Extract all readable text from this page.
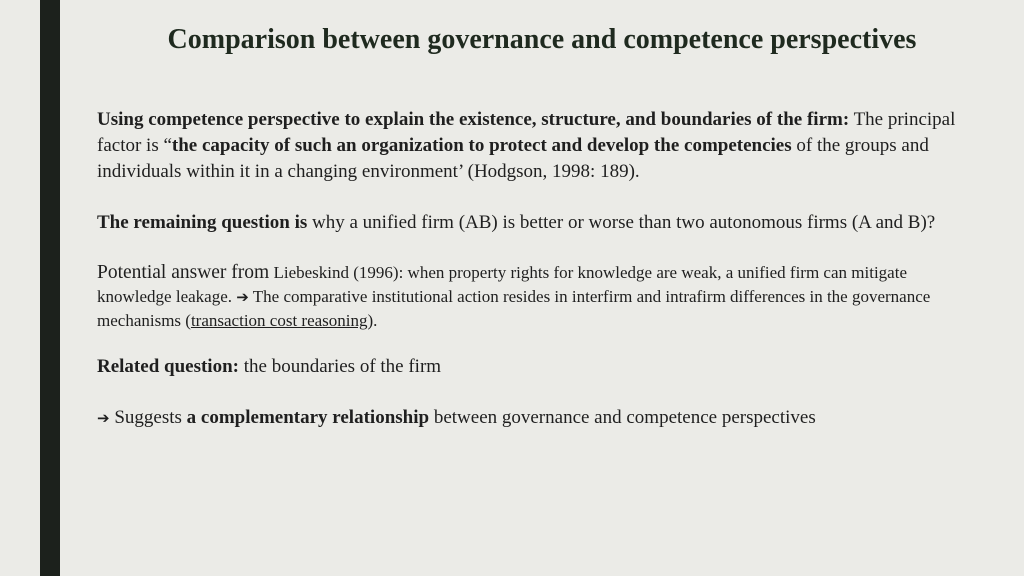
Comparison between governance and competence perspectives

Using competence perspective to explain the existence, structure, and boundaries of the firm: The principal factor is “the capacity of such an organization to protect and develop the competencies of the groups and individuals within it in a changing environment’ (Hodgson, 1998: 189).

The remaining question is why a unified firm (AB) is better or worse than two autonomous firms (A and B)?

Potential answer from Liebeskind (1996): when property rights for knowledge are weak, a unified firm can mitigate knowledge leakage. ➔ The comparative institutional action resides in interfirm and intrafirm differences in the governance mechanisms (transaction cost reasoning).

Related question: the boundaries of the firm

➔ Suggests a complementary relationship between governance and competence perspectives
